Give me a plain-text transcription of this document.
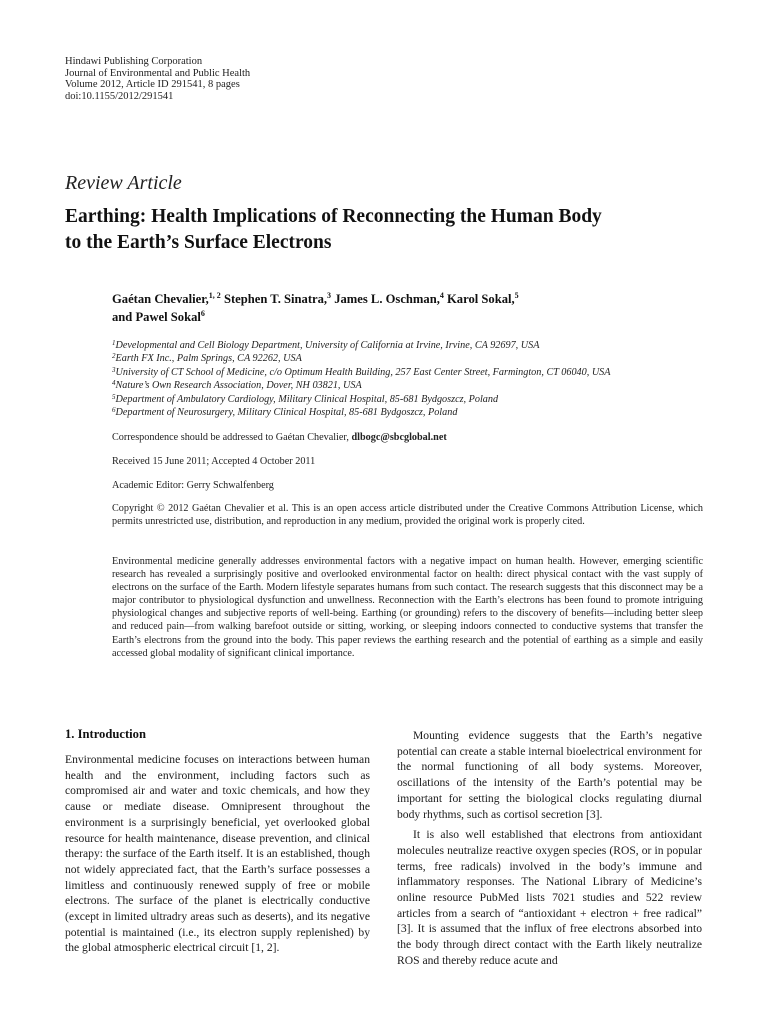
Hindawi Publishing Corporation
Journal of Environmental and Public Health
Volume 2012, Article ID 291541, 8 pages
doi:10.1155/2012/291541
Review Article
Earthing: Health Implications of Reconnecting the Human Body
to the Earth’s Surface Electrons
Gaétan Chevalier,$^{1, 2}$ Stephen T. Sinatra,$^3$ James L. Oschman,$^4$ Karol Sokal,$^5$
and Pawel Sokal$^6$
$^1$Developmental and Cell Biology Department, University of California at Irvine, Irvine, CA 92697, USA
$^2$Earth FX Inc., Palm Springs, CA 92262, USA
$^3$University of CT School of Medicine, c/o Optimum Health Building, 257 East Center Street, Farmington, CT 06040, USA
$^4$Nature’s Own Research Association, Dover, NH 03821, USA
$^5$Department of Ambulatory Cardiology, Military Clinical Hospital, 85-681 Bydgoszcz, Poland
$^6$Department of Neurosurgery, Military Clinical Hospital, 85-681 Bydgoszcz, Poland
Correspondence should be addressed to Gaétan Chevalier, dlbogc@sbcglobal.net
Received 15 June 2011; Accepted 4 October 2011
Academic Editor: Gerry Schwalfenberg

Copyright © 2012 Gaétan Chevalier et al. This is an open access article distributed under the Creative Commons Attribution License, which permits unrestricted use, distribution, and reproduction in any medium, provided the original work is properly cited.

Environmental medicine generally addresses environmental factors with a negative impact on human health. However, emerging scientific research has revealed a surprisingly positive and overlooked environmental factor on health: direct physical contact with the vast supply of electrons on the surface of the Earth. Modern lifestyle separates humans from such contact. The research suggests that this disconnect may be a major contributor to physiological dysfunction and unwellness. Reconnection with the Earth’s electrons has been found to promote intriguing physiological changes and subjective reports of well-being. Earthing (or grounding) refers to the discovery of benefits—including better sleep and reduced pain—from walking barefoot outside or sitting, working, or sleeping indoors connected to conductive systems that transfer the Earth’s electrons from the ground into the body. This paper reviews the earthing research and the potential of earthing as a simple and easily accessed global modality of significant clinical importance.

1. Introduction

Environmental medicine focuses on interactions between human health and the environment, including factors such as compromised air and water and toxic chemicals, and how they cause or mediate disease. Omnipresent throughout the environment is a surprisingly beneficial, yet overlooked global resource for health maintenance, disease prevention, and clinical therapy: the surface of the Earth itself. It is an established, though not widely appreciated fact, that the Earth’s surface possesses a limitless and continuously renewed supply of free or mobile electrons. The surface of the planet is electrically conductive (except in limited ultradry areas such as deserts), and its negative potential is maintained (i.e., its electron supply replenished) by the global atmospheric electrical circuit [1, 2].

Mounting evidence suggests that the Earth’s negative potential can create a stable internal bioelectrical environment for the normal functioning of all body systems. Moreover, oscillations of the intensity of the Earth’s potential may be important for setting the biological clocks regulating diurnal body rhythms, such as cortisol secretion [3].

It is also well established that electrons from antioxidant molecules neutralize reactive oxygen species (ROS, or in popular terms, free radicals) involved in the body’s immune and inflammatory responses. The National Library of Medicine’s online resource PubMed lists 7021 studies and 522 review articles from a search of “antioxidant + electron + free radical” [3]. It is assumed that the influx of free electrons absorbed into the body through direct contact with the Earth likely neutralize ROS and thereby reduce acute and
